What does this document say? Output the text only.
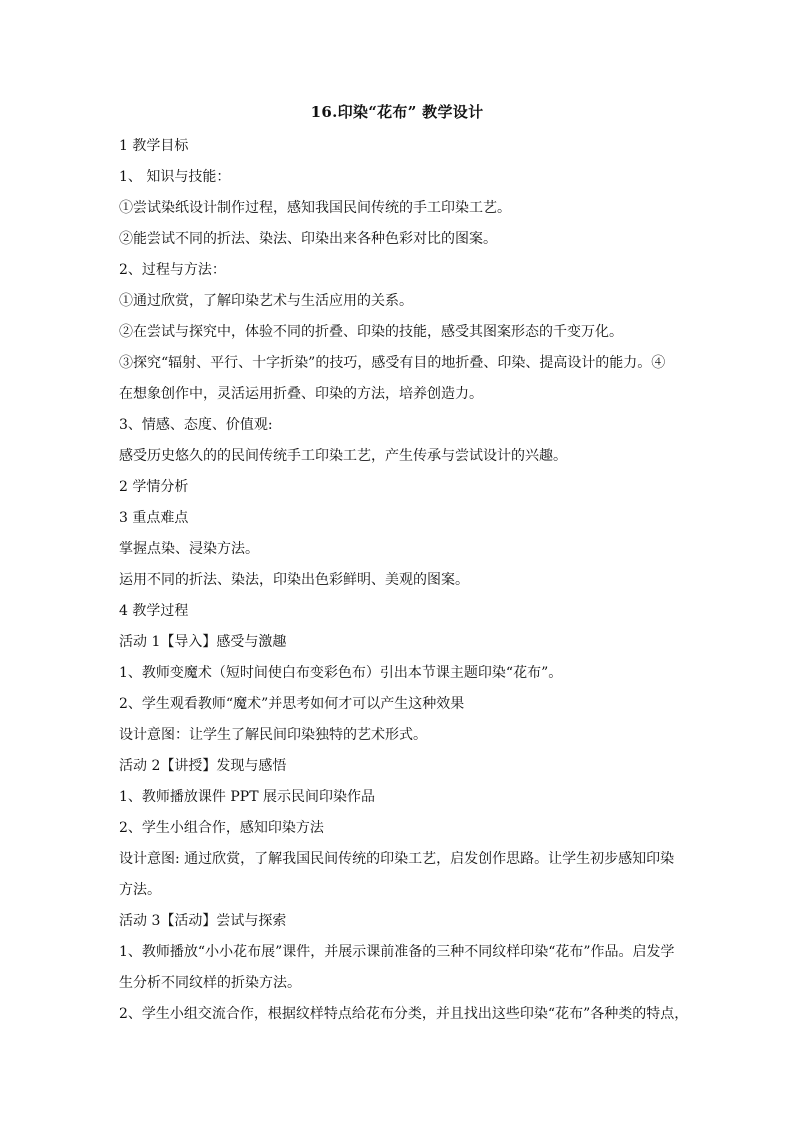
16.印染“花布” 教学设计

1 教学目标

1、 知识与技能：

①尝试染纸设计制作过程，感知我国民间传统的手工印染工艺。

②能尝试不同的折法、染法、印染出来各种色彩对比的图案。

2、过程与方法：

①通过欣赏，了解印染艺术与生活应用的关系。

②在尝试与探究中，体验不同的折叠、印染的技能，感受其图案形态的千变万化。

③探究“辐射、平行、十字折染”的技巧，感受有目的地折叠、印染、提高设计的能力。④

在想象创作中，灵活运用折叠、印染的方法，培养创造力。

3、情感、态度、价值观:

感受历史悠久的的民间传统手工印染工艺，产生传承与尝试设计的兴趣。

2 学情分析

3 重点难点

掌握点染、浸染方法。

运用不同的折法、染法，印染出色彩鲜明、美观的图案。

4 教学过程

活动 1【导入】感受与激趣

1、教师变魔术（短时间使白布变彩色布）引出本节课主题印染“花布”。

2、学生观看教师“魔术”并思考如何才可以产生这种效果

设计意图：让学生了解民间印染独特的艺术形式。

活动 2【讲授】发现与感悟

1、教师播放课件 PPT 展示民间印染作品

2、学生小组合作，感知印染方法

设计意图: 通过欣赏，了解我国民间传统的印染工艺，启发创作思路。让学生初步感知印染

方法。

活动 3【活动】尝试与探索

1、教师播放“小小花布展”课件，并展示课前准备的三种不同纹样印染“花布”作品。启发学

生分析不同纹样的折染方法。

2、学生小组交流合作，根据纹样特点给花布分类，并且找出这些印染“花布”各种类的特点，
